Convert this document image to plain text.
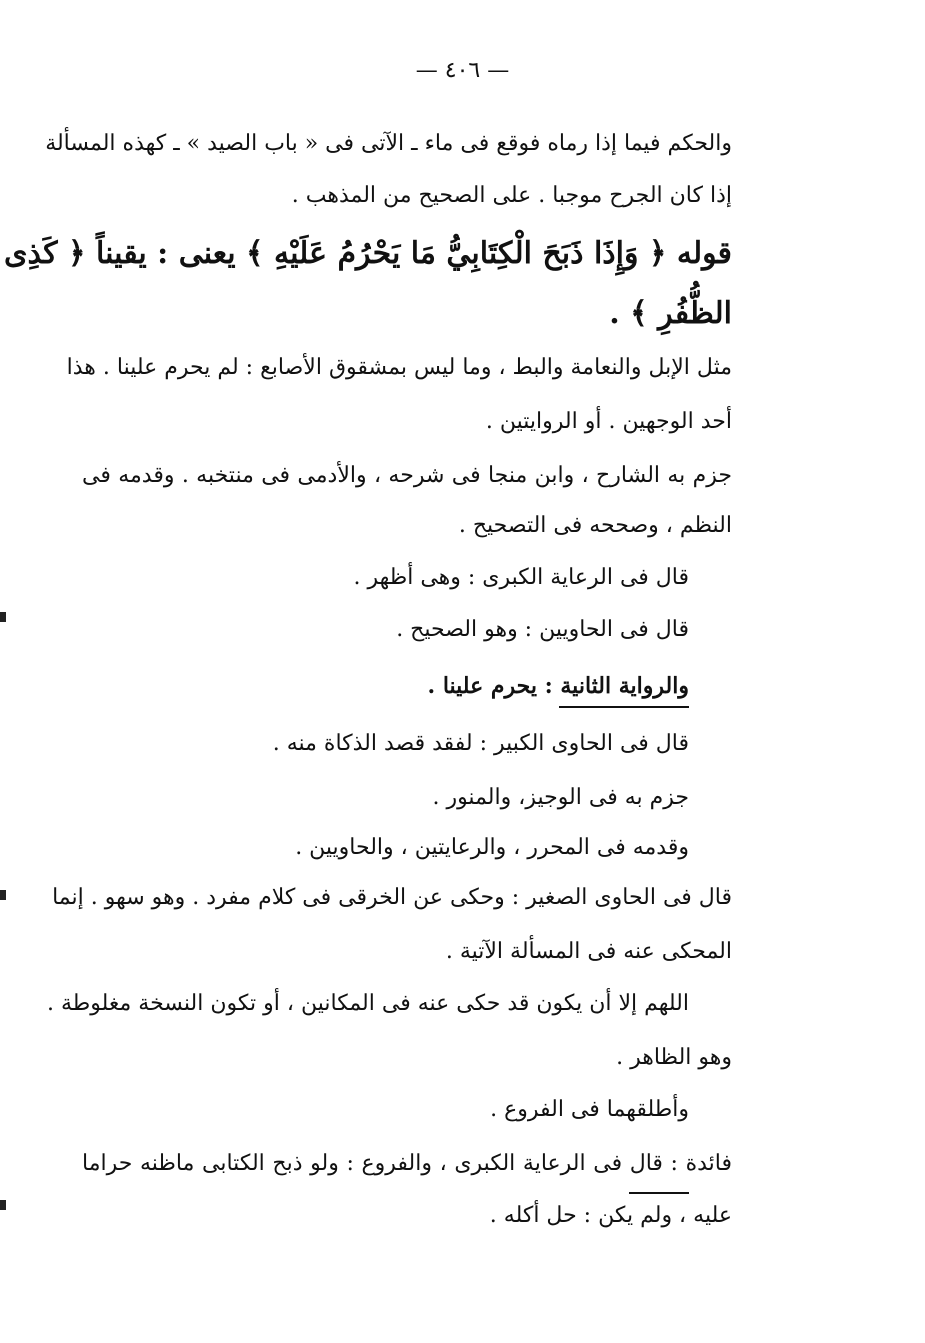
— ٤٠٦ —
والحكم فيما إذا رماه فوقع فى ماء ـ الآتى فى « باب الصيد » ـ كهذه المسألة
إذا كان الجرح موجبا . على الصحيح من المذهب .
قوله ﴿ وَإِذَا ذَبَحَ الْكِتَابِيُّ مَا يَحْرُمُ عَلَيْهِ ﴾ يعنى : يقيناً ﴿ كَذِى
الظُّفُرِ ﴾ .
مثل الإبل والنعامة والبط ، وما ليس بمشقوق الأصابع : لم يحرم علينا . هذا
أحد الوجهين . أو الروايتين .
جزم به الشارح ، وابن منجا فى شرحه ، والأدمى فى منتخبه . وقدمه فى
النظم ، وصححه فى التصحيح .
قال فى الرعاية الكبرى : وهى أظهر .
قال فى الحاويين : وهو الصحيح .
والرواية الثانية : يحرم علينا .
قال فى الحاوى الكبير : لفقد قصد الذكاة منه .
جزم به فى الوجيز، والمنور .
وقدمه فى المحرر ، والرعايتين ، والحاويين .
قال فى الحاوى الصغير : وحكى عن الخرقى فى كلام مفرد . وهو سهو . إنما
المحكى عنه فى المسألة الآتية .
اللهم إلا أن يكون قد حكى عنه فى المكانين ، أو تكون النسخة مغلوطة .
وهو الظاهر .
وأطلقهما فى الفروع .
فائدة : قال فى الرعاية الكبرى ، والفروع : ولو ذبح الكتابى ماظنه حراما
عليه ، ولم يكن : حل أكله .
